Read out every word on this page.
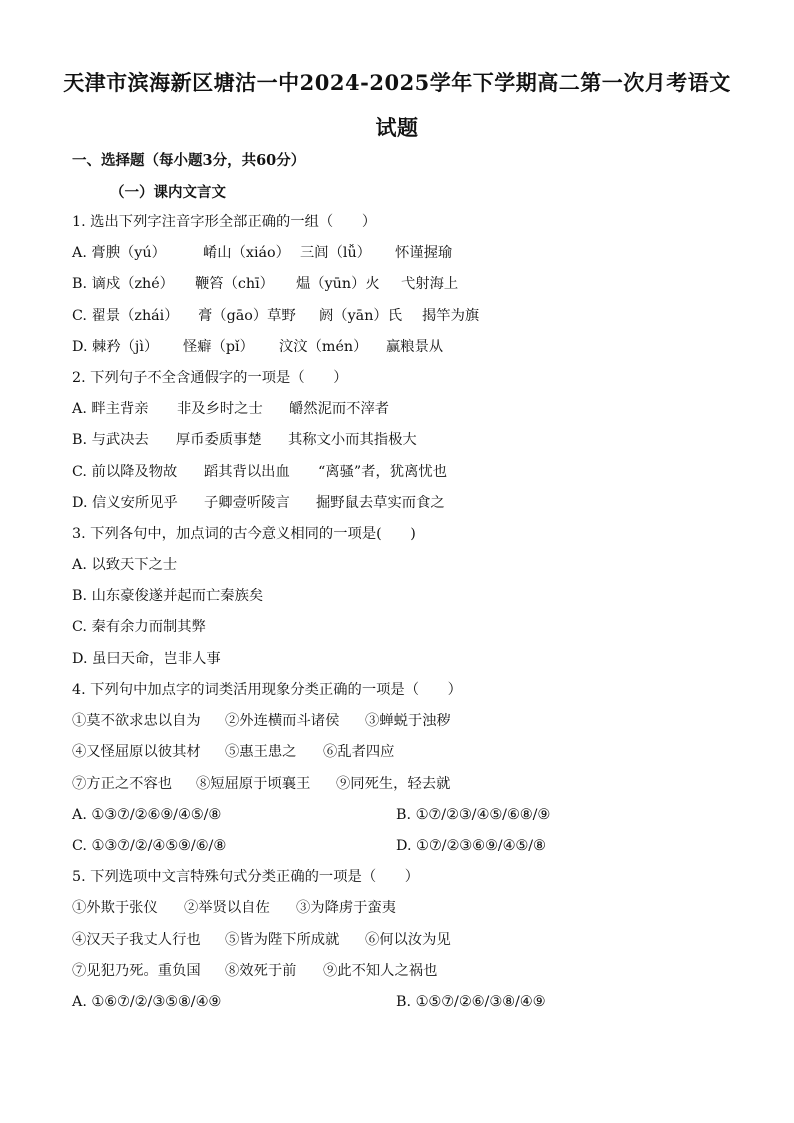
天津市滨海新区塘沽一中2024-2025学年下学期高二第一次月考语文
试题
一、选择题（每小题3分，共60分）
（一）课内文言文
1. 选出下列字注音字形全部正确的一组（　　）
A. 膏腴（yú）	崤山（xiáo） 三闾（lǚ） 怀谨握瑜
B. 谪戍（zhé） 鞭笞（chī） 煴（yūn）火 弋射海上
C. 翟景（zhái） 膏（gāo）草野 阏（yān）氏 揭竿为旗
D. 棘矜（jì） 怪癖（pǐ） 汶汶（mén） 赢粮景从
2. 下列句子不全含通假字的一项是（　　）
A. 畔主背亲 非及乡时之士 皭然泥而不滓者
B. 与武决去 厚币委质事楚 其称文小而其指极大
C. 前以降及物故 蹈其背以出血 “离骚”者，犹离忧也
D. 信义安所见乎 子卿壹听陵言 掘野鼠去草实而食之
3. 下列各句中，加点词的古今意义相同的一项是(　　)
A. 以致天下之士
B. 山东豪俊遂并起而亡秦族矣
C. 秦有余力而制其弊
D. 虽曰天命，岂非人事
4. 下列句中加点字的词类活用现象分类正确的一项是（　　）
①莫不欲求忠以自为 ②外连横而斗诸侯 ③蝉蜕于浊秽
④又怪屈原以彼其材 ⑤惠王患之 ⑥乱者四应
⑦方正之不容也 ⑧短屈原于顷襄王 ⑨同死生，轻去就
A. ①③⑦/②⑥⑨/④⑤/⑧	B. ①⑦/②③/④⑤/⑥⑧/⑨
C. ①③⑦/②/④⑤⑨/⑥/⑧	D. ①⑦/②③⑥⑨/④⑤/⑧
5. 下列选项中文言特殊句式分类正确的一项是（　　）
①外欺于张仪 ②举贤以自佐 ③为降虏于蛮夷
④汉天子我丈人行也 ⑤皆为陛下所成就 ⑥何以汝为见
⑦见犯乃死。重负国 ⑧效死于前 ⑨此不知人之祸也
A. ①⑥⑦/②/③⑤⑧/④⑨	B. ①⑤⑦/②⑥/③⑧/④⑨
